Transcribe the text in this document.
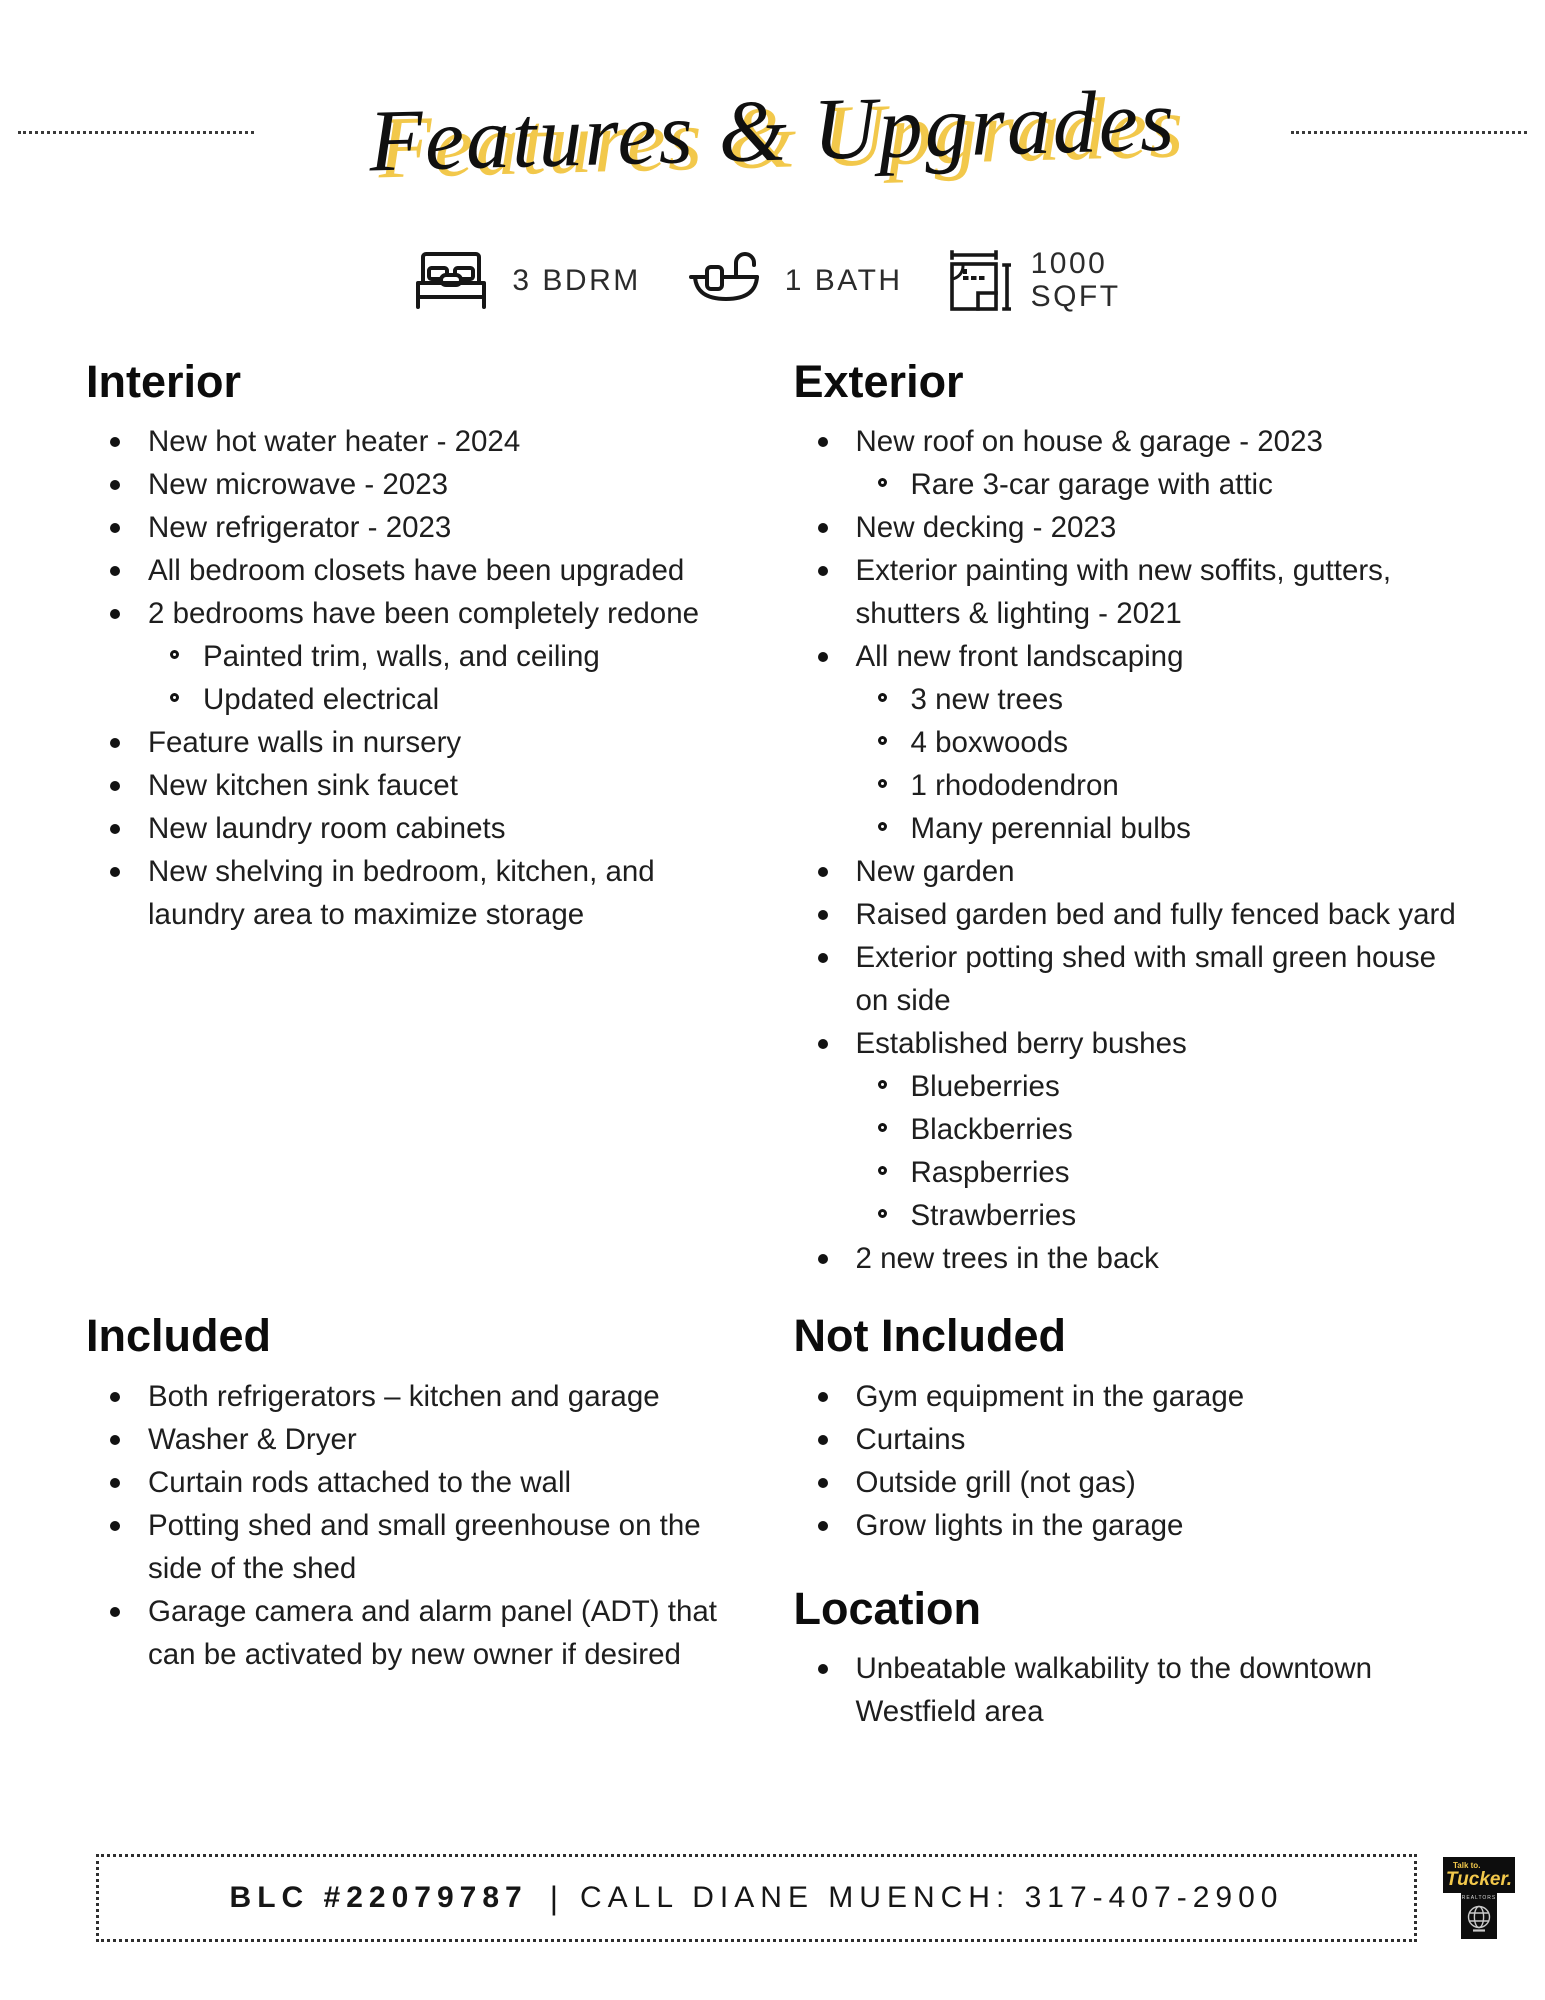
Features & Upgrades
3 BDRM	1 BATH	1000 SQFT
Interior
New hot water heater - 2024
New microwave - 2023
New refrigerator - 2023
All bedroom closets have been upgraded
2 bedrooms have been completely redone
Painted trim, walls, and ceiling
Updated electrical
Feature walls in nursery
New kitchen sink faucet
New laundry room cabinets
New shelving in bedroom, kitchen, and laundry area to maximize storage
Exterior
New roof on house & garage - 2023
Rare 3-car garage with attic
New decking - 2023
Exterior painting with new soffits, gutters, shutters & lighting - 2021
All new front landscaping
3 new trees
4 boxwoods
1 rhododendron
Many perennial bulbs
New garden
Raised garden bed and fully fenced back yard
Exterior potting shed with small green house on side
Established berry bushes
Blueberries
Blackberries
Raspberries
Strawberries
2 new trees in the back
Included
Both refrigerators – kitchen and garage
Washer & Dryer
Curtain rods attached to the wall
Potting shed and small greenhouse on the side of the shed
Garage camera and alarm panel (ADT) that can be activated by new owner if desired
Not Included
Gym equipment in the garage
Curtains
Outside grill (not gas)
Grow lights in the garage
Location
Unbeatable walkability to the downtown Westfield area
BLC #22079787 | CALL DIANE MUENCH: 317-407-2900
Talk to.
Tucker.
REALTORS
